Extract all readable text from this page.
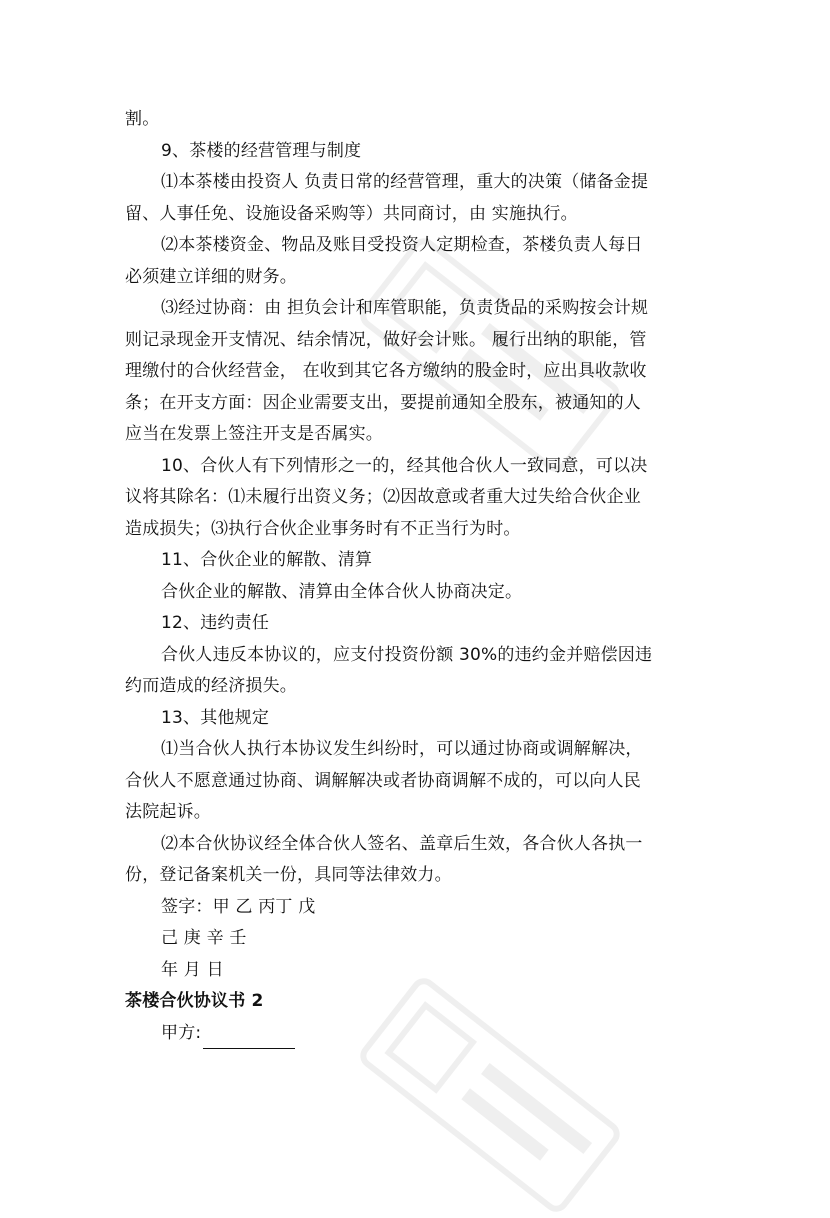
割。
9、茶楼的经营管理与制度
⑴本茶楼由投资人 负责日常的经营管理，重大的决策（储备金提
留、人事任免、设施设备采购等）共同商讨，由 实施执行。
⑵本茶楼资金、物品及账目受投资人定期检查，茶楼负责人每日
必须建立详细的财务。
⑶经过协商：由 担负会计和库管职能，负责货品的采购按会计规
则记录现金开支情况、结余情况，做好会计账。 履行出纳的职能，管
理缴付的合伙经营金， 在收到其它各方缴纳的股金时，应出具收款收
条；在开支方面：因企业需要支出，要提前通知全股东，被通知的人
应当在发票上签注开支是否属实。
10、合伙人有下列情形之一的，经其他合伙人一致同意，可以决
议将其除名：⑴未履行出资义务；⑵因故意或者重大过失给合伙企业
造成损失；⑶执行合伙企业事务时有不正当行为时。
11、合伙企业的解散、清算
合伙企业的解散、清算由全体合伙人协商决定。
12、违约责任
合伙人违反本协议的，应支付投资份额 30%的违约金并赔偿因违
约而造成的经济损失。
13、其他规定
⑴当合伙人执行本协议发生纠纷时，可以通过协商或调解解决，
合伙人不愿意通过协商、调解解决或者协商调解不成的，可以向人民
法院起诉。
⑵本合伙协议经全体合伙人签名、盖章后生效，各合伙人各执一
份，登记备案机关一份，具同等法律效力。
签字：甲 乙 丙丁 戊
己 庚 辛 壬
年 月 日
茶楼合伙协议书 2
甲方:
